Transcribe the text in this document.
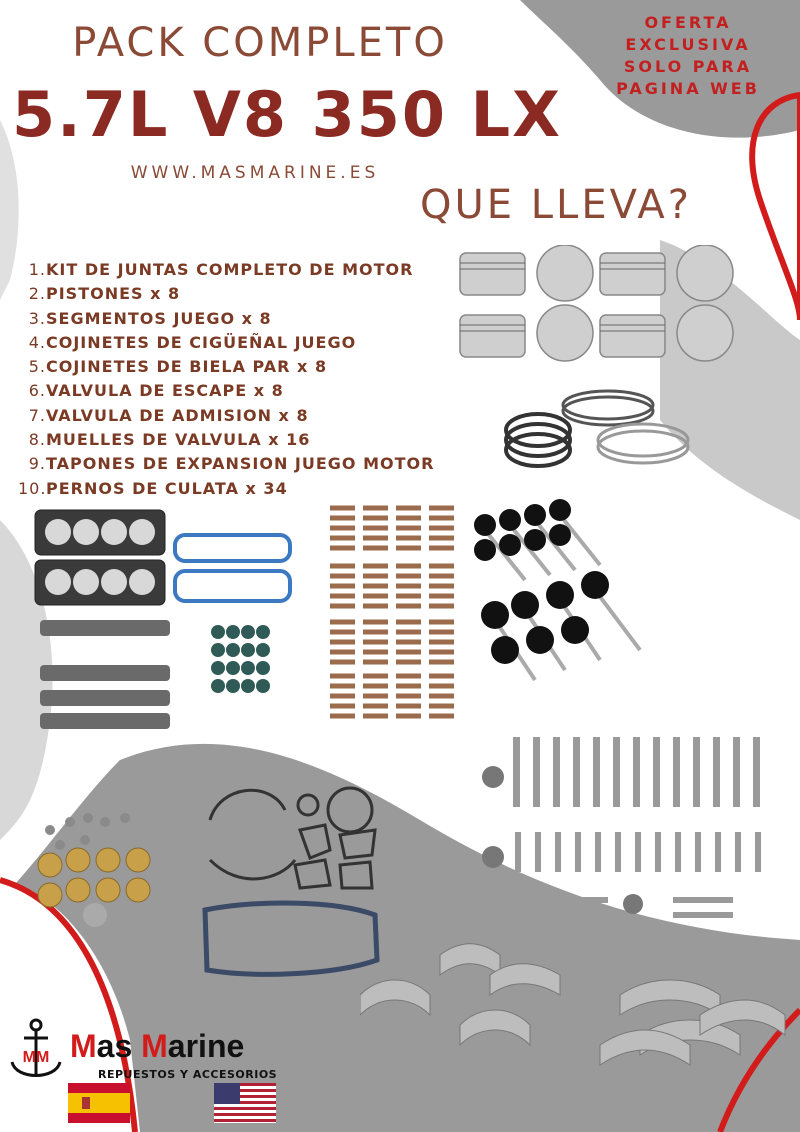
PACK COMPLETO
5.7L V8 350 LX
WWW.MASMARINE.ES
QUE LLEVA?
OFERTA
EXCLUSIVA
SOLO PARA
PAGINA WEB
1.KIT DE JUNTAS COMPLETO DE MOTOR
2.PISTONES x 8
3.SEGMENTOS JUEGO x 8
4.COJINETES DE CIGÜEÑAL JUEGO
5.COJINETES DE BIELA PAR x 8
6.VALVULA DE ESCAPE x 8
7.VALVULA DE ADMISION x 8
8.MUELLES DE VALVULA x 16
9.TAPONES DE EXPANSION JUEGO MOTOR
10.PERNOS DE CULATA x 34
MM Mas Marine
REPUESTOS Y ACCESORIOS
